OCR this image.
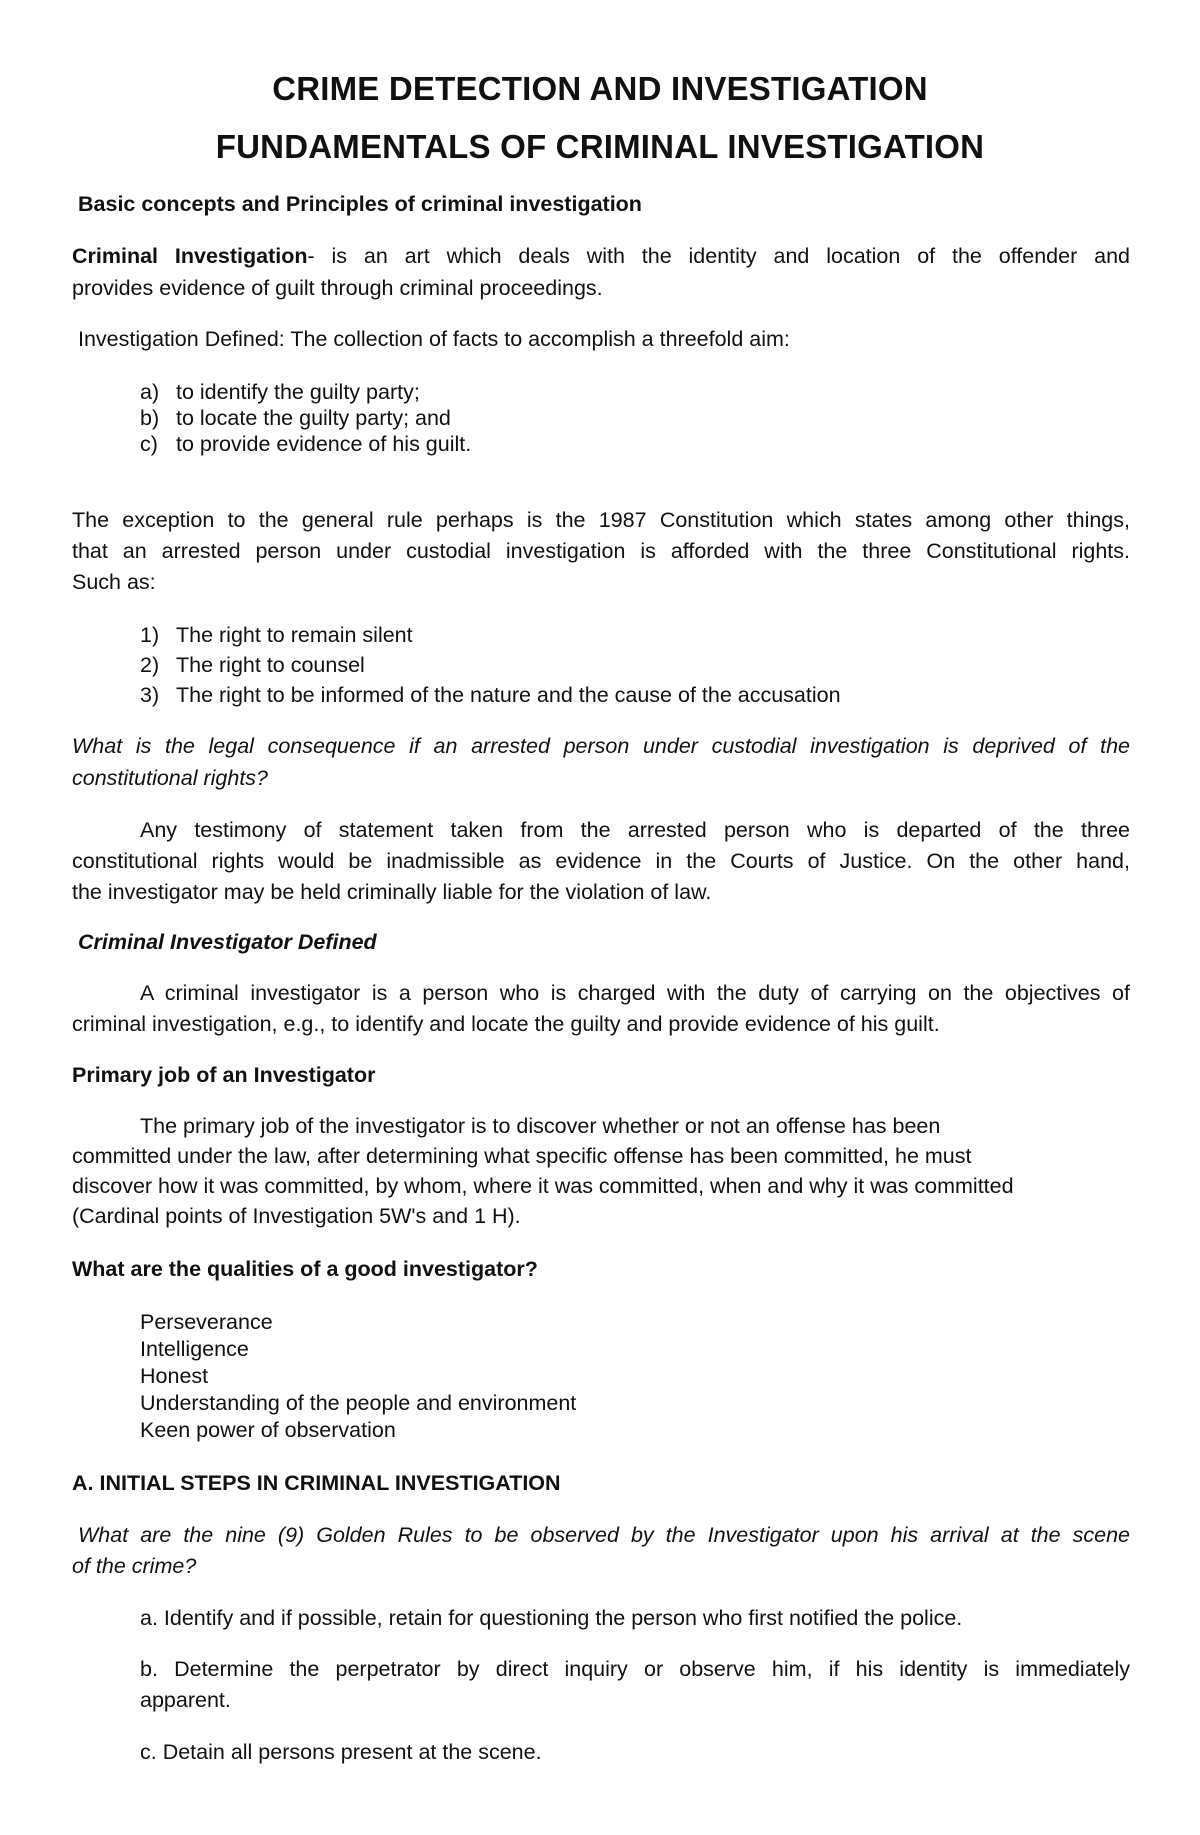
CRIME DETECTION AND INVESTIGATION
FUNDAMENTALS OF CRIMINAL INVESTIGATION
Basic concepts and Principles of criminal investigation
Criminal Investigation- is an art which deals with the identity and location of the offender and
provides evidence of guilt through criminal proceedings.
Investigation Defined: The collection of facts to accomplish a threefold aim:
a) to identify the guilty party;
b) to locate the guilty party; and
c) to provide evidence of his guilt.
The exception to the general rule perhaps is the 1987 Constitution which states among other things,
that an arrested person under custodial investigation is afforded with the three Constitutional rights.
Such as:
1) The right to remain silent
2) The right to counsel
3) The right to be informed of the nature and the cause of the accusation
What is the legal consequence if an arrested person under custodial investigation is deprived of the
constitutional rights?
Any testimony of statement taken from the arrested person who is departed of the three
constitutional rights would be inadmissible as evidence in the Courts of Justice. On the other hand,
the investigator may be held criminally liable for the violation of law.
Criminal Investigator Defined
A criminal investigator is a person who is charged with the duty of carrying on the objectives of
criminal investigation, e.g., to identify and locate the guilty and provide evidence of his guilt.
Primary job of an Investigator
The primary job of the investigator is to discover whether or not an offense has been
committed under the law, after determining what specific offense has been committed, he must
discover how it was committed, by whom, where it was committed, when and why it was committed
(Cardinal points of Investigation 5W's and 1 H).
What are the qualities of a good investigator?
Perseverance
Intelligence
Honest
Understanding of the people and environment
Keen power of observation
A. INITIAL STEPS IN CRIMINAL INVESTIGATION
What are the nine (9) Golden Rules to be observed by the Investigator upon his arrival at the scene
of the crime?
a. Identify and if possible, retain for questioning the person who first notified the police.
b. Determine the perpetrator by direct inquiry or observe him, if his identity is immediately
apparent.
c. Detain all persons present at the scene.
